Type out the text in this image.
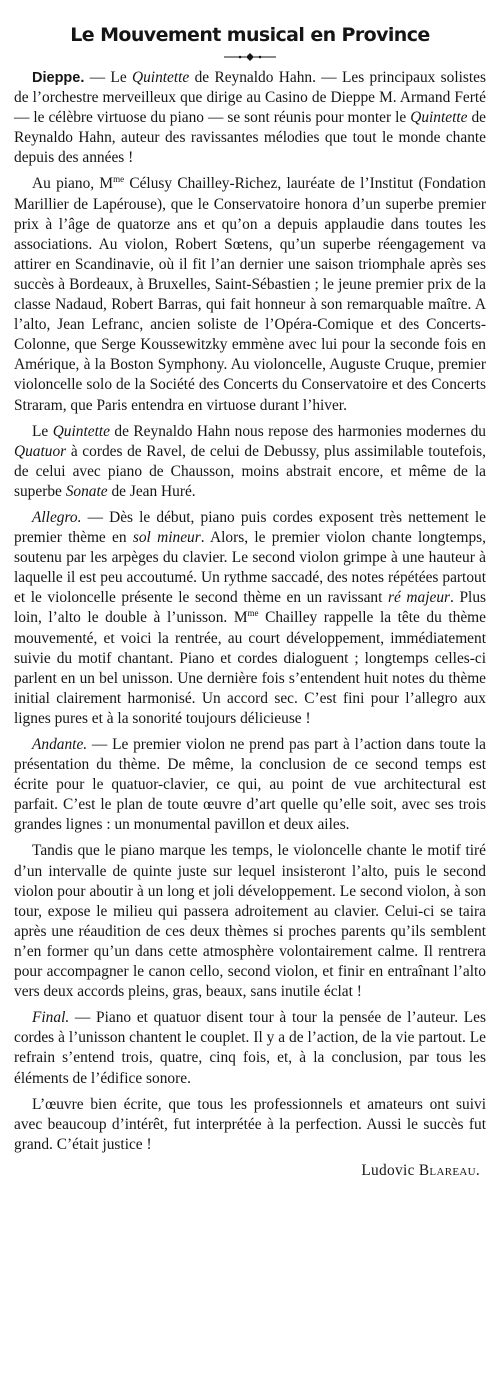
Le Mouvement musical en Province

Dieppe. — Le Quintette de Reynaldo Hahn. — Les principaux solistes de l’orchestre merveilleux que dirige au Casino de Dieppe M. Armand Ferté — le célèbre virtuose du piano — se sont réunis pour monter le Quintette de Reynaldo Hahn, auteur des ravissantes mélodies que tout le monde chante depuis des années !

Au piano, $M^{me}$ Célusy Chailley-Richez, lauréate de l’Institut (Fondation Marillier de Lapérouse), que le Conservatoire honora d’un superbe premier prix à l’âge de quatorze ans et qu’on a depuis applaudie dans toutes les associations. Au violon, Robert Sœtens, qu’un superbe réengagement va attirer en Scandinavie, où il fit l’an dernier une saison triomphale après ses succès à Bordeaux, à Bruxelles, Saint-Sébastien ; le jeune premier prix de la classe Nadaud, Robert Barras, qui fait honneur à son remarquable maître. A l’alto, Jean Lefranc, ancien soliste de l’Opéra-Comique et des Concerts-Colonne, que Serge Koussewitzky emmène avec lui pour la seconde fois en Amérique, à la Boston Symphony. Au violoncelle, Auguste Cruque, premier violoncelle solo de la Société des Concerts du Conservatoire et des Concerts Straram, que Paris entendra en virtuose durant l’hiver.

Le Quintette de Reynaldo Hahn nous repose des harmonies modernes du Quatuor à cordes de Ravel, de celui de Debussy, plus assimilable toutefois, de celui avec piano de Chausson, moins abstrait encore, et même de la superbe Sonate de Jean Huré.

Allegro. — Dès le début, piano puis cordes exposent très nettement le premier thème en sol mineur. Alors, le premier violon chante longtemps, soutenu par les arpèges du clavier. Le second violon grimpe à une hauteur à laquelle il est peu accoutumé. Un rythme saccadé, des notes répétées partout et le violoncelle présente le second thème en un ravissant ré majeur. Plus loin, l’alto le double à l’unisson. $M^{me}$ Chailley rappelle la tête du thème mouvementé, et voici la rentrée, au court développement, immédiatement suivie du motif chantant. Piano et cordes dialoguent ; longtemps celles-ci parlent en un bel unisson. Une dernière fois s’entendent huit notes du thème initial clairement harmonisé. Un accord sec. C’est fini pour l’allegro aux lignes pures et à la sonorité toujours délicieuse !

Andante. — Le premier violon ne prend pas part à l’action dans toute la présentation du thème. De même, la conclusion de ce second temps est écrite pour le quatuor-clavier, ce qui, au point de vue architectural est parfait. C’est le plan de toute œuvre d’art quelle qu’elle soit, avec ses trois grandes lignes : un monumental pavillon et deux ailes.

Tandis que le piano marque les temps, le violoncelle chante le motif tiré d’un intervalle de quinte juste sur lequel insisteront l’alto, puis le second violon pour aboutir à un long et joli développement. Le second violon, à son tour, expose le milieu qui passera adroitement au clavier. Celui-ci se taira après une réaudition de ces deux thèmes si proches parents qu’ils semblent n’en former qu’un dans cette atmosphère volontairement calme. Il rentrera pour accompagner le canon cello, second violon, et finir en entraînant l’alto vers deux accords pleins, gras, beaux, sans inutile éclat !

Final. — Piano et quatuor disent tour à tour la pensée de l’auteur. Les cordes à l’unisson chantent le couplet. Il y a de l’action, de la vie partout. Le refrain s’entend trois, quatre, cinq fois, et, à la conclusion, par tous les éléments de l’édifice sonore.

L’œuvre bien écrite, que tous les professionnels et amateurs ont suivi avec beaucoup d’intérêt, fut interprétée à la perfection. Aussi le succès fut grand. C’était justice !

Ludovic Blareau.
